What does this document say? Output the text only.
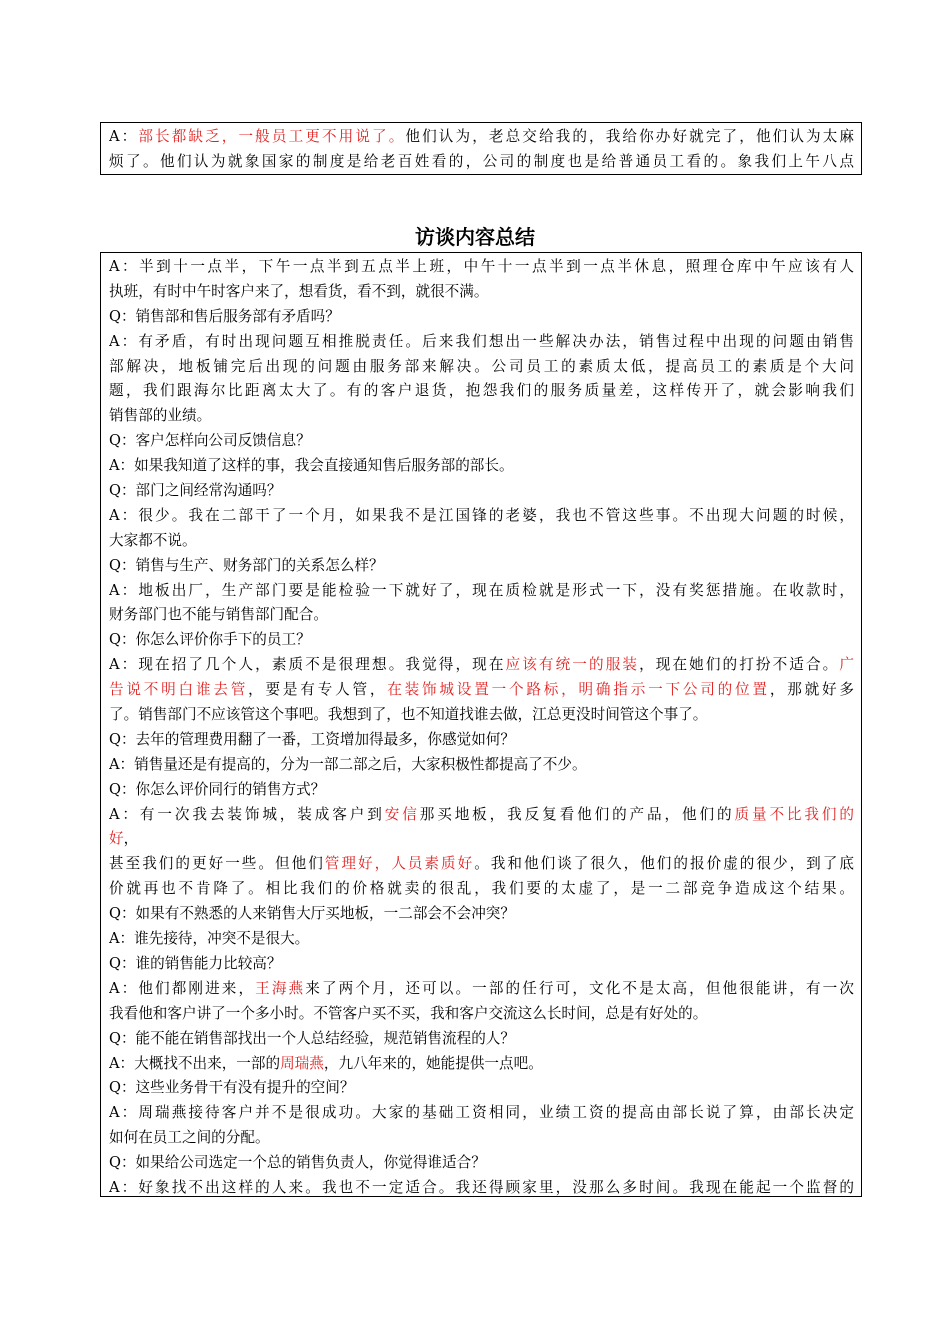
A：部长都缺乏，一般员工更不用说了。他们认为，老总交给我的，我给你办好就完了，他们认为太麻
烦了。他们认为就象国家的制度是给老百姓看的，公司的制度也是给普通员工看的。象我们上午八点
访谈内容总结
A：半到十一点半，下午一点半到五点半上班，中午十一点半到一点半休息，照理仓库中午应该有人
执班，有时中午时客户来了，想看货，看不到，就很不满。
Q：销售部和售后服务部有矛盾吗？
A：有矛盾，有时出现问题互相推脱责任。后来我们想出一些解决办法，销售过程中出现的问题由销售
部解决，地板铺完后出现的问题由服务部来解决。公司员工的素质太低，提高员工的素质是个大问
题，我们跟海尔比距离太大了。有的客户退货，抱怨我们的服务质量差，这样传开了，就会影响我们
销售部的业绩。
Q：客户怎样向公司反馈信息？
A：如果我知道了这样的事，我会直接通知售后服务部的部长。
Q：部门之间经常沟通吗？
A：很少。我在二部干了一个月，如果我不是江国锋的老婆，我也不管这些事。不出现大问题的时候，
大家都不说。
Q：销售与生产、财务部门的关系怎么样？
A：地板出厂，生产部门要是能检验一下就好了，现在质检就是形式一下，没有奖惩措施。在收款时，
财务部门也不能与销售部门配合。
Q：你怎么评价你手下的员工？
A：现在招了几个人，素质不是很理想。我觉得，现在应该有统一的服装，现在她们的打扮不适合。广
告说不明白谁去管，要是有专人管，在装饰城设置一个路标，明确指示一下公司的位置，那就好多
了。销售部门不应该管这个事吧。我想到了，也不知道找谁去做，江总更没时间管这个事了。
Q：去年的管理费用翻了一番，工资增加得最多，你感觉如何？
A：销售量还是有提高的，分为一部二部之后，大家积极性都提高了不少。
Q：你怎么评价同行的销售方式？
A：有一次我去装饰城，装成客户到安信那买地板，我反复看他们的产品，他们的质量不比我们的
好，
甚至我们的更好一些。但他们管理好，人员素质好。我和他们谈了很久，他们的报价虚的很少，到了底
价就再也不肯降了。相比我们的价格就卖的很乱，我们要的太虚了，是一二部竞争造成这个结果。
Q：如果有不熟悉的人来销售大厅买地板，一二部会不会冲突？
A：谁先接待，冲突不是很大。
Q：谁的销售能力比较高？
A：他们都刚进来，王海燕来了两个月，还可以。一部的任行可，文化不是太高，但他很能讲，有一次
我看他和客户讲了一个多小时。不管客户买不买，我和客户交流这么长时间，总是有好处的。
Q：能不能在销售部找出一个人总结经验，规范销售流程的人？
A：大概找不出来，一部的周瑞燕，九八年来的，她能提供一点吧。
Q：这些业务骨干有没有提升的空间？
A：周瑞燕接待客户并不是很成功。大家的基础工资相同，业绩工资的提高由部长说了算，由部长决定
如何在员工之间的分配。
Q：如果给公司选定一个总的销售负责人，你觉得谁适合？
A：好象找不出这样的人来。我也不一定适合。我还得顾家里，没那么多时间。我现在能起一个监督的
